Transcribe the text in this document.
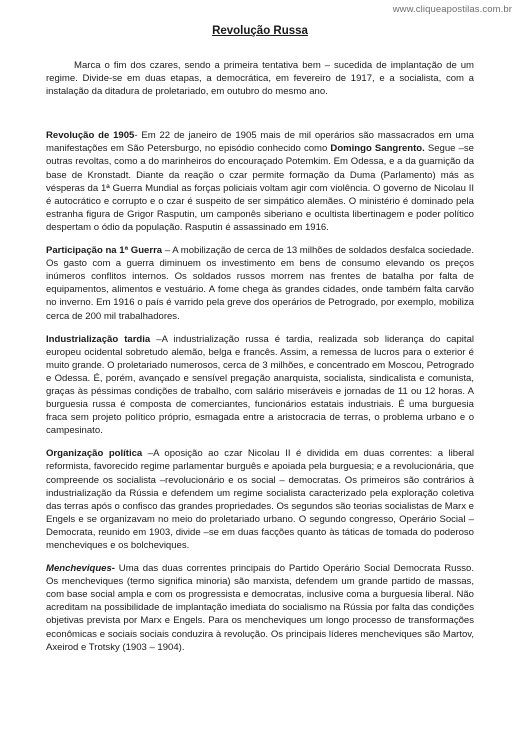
www.cliqueapostilas.com.br
Revolução Russa

Marca o fim dos czares, sendo a primeira tentativa bem – sucedida de implantação de um regime. Divide-se em duas etapas, a democrática, em fevereiro de 1917, e a socialista, com a instalação da ditadura de proletariado, em outubro do mesmo ano.

Revolução de 1905- Em 22 de janeiro de 1905 mais de mil operários são massacrados em uma manifestações em São Petersburgo, no episódio conhecido como Domingo Sangrento. Segue –se outras revoltas, como a do marinheiros do encouraçado Potemkim. Em Odessa, e a da guarnição da base de Kronstadt. Diante da reação o czar permite formação da Duma (Parlamento) más as vésperas da 1ª Guerra Mundial as forças policiais voltam agir com violência. O governo de Nicolau II é autocrático e corrupto e o czar é suspeito de ser simpático alemães. O ministério é dominado pela estranha figura de Grigor Rasputin, um camponês siberiano e ocultista libertinagem e poder político despertam o ódio da população. Rasputin é assassinado em 1916.

Participação na 1ª Guerra – A mobilização de cerca de 13 milhões de soldados desfalca sociedade. Os gasto com a guerra diminuem os investimento em bens de consumo elevando os preços inúmeros conflitos internos. Os soldados russos morrem nas frentes de batalha por falta de equipamentos, alimentos e vestuário. A fome chega às grandes cidades, onde também falta carvão no inverno. Em 1916 o país é varrido pela greve dos operários de Petrogrado, por exemplo, mobiliza cerca de 200 mil trabalhadores.

Industrialização tardia –A industrialização russa é tardia, realizada sob liderança do capital europeu ocidental sobretudo alemão, belga e francês. Assim, a remessa de lucros para o exterior é muito grande. O proletariado numerosos, cerca de 3 milhões, e concentrado em Moscou, Petrogrado e Odessa. É, porém, avançado e sensível pregação anarquista, socialista, sindicalista e comunista, graças às péssimas condições de trabalho, com salário miseráveis e jornadas de 11 ou 12 horas. A burguesia russa é composta de comerciantes, funcionários estatais industriais. É uma burguesia fraca sem projeto político próprio, esmagada entre a aristocracia de terras, o problema urbano e o campesinato.

Organização política –A oposição ao czar Nicolau II é dividida em duas correntes: a liberal reformista, favorecido regime parlamentar burguês e apoiada pela burguesia; e a revolucionária, que compreende os socialista –revolucionário e os social – democratas. Os primeiros são contrários à industrialização da Rússia e defendem um regime socialista caracterizado pela exploração coletiva das terras após o confisco das grandes propriedades. Os segundos são teorias socialistas de Marx e Engels e se organizavam no meio do proletariado urbano. O segundo congresso, Operário Social – Democrata, reunido em 1903, divide –se em duas facções quanto às táticas de tomada do poderoso mencheviques e os bolcheviques.

Mencheviques- Uma das duas correntes principais do Partido Operário Social Democrata Russo. Os mencheviques (termo significa minoria) são marxista, defendem um grande partido de massas, com base social ampla e com os progressista e democratas, inclusive coma a burguesia liberal. Não acreditam na possibilidade de implantação imediata do socialismo na Rússia por falta das condições objetivas prevista por Marx e Engels. Para os mencheviques um longo processo de transformações econômicas e sociais sociais conduzira à revolução. Os principais líderes mencheviques são Martov, Axeirod e Trotsky (1903 – 1904).
